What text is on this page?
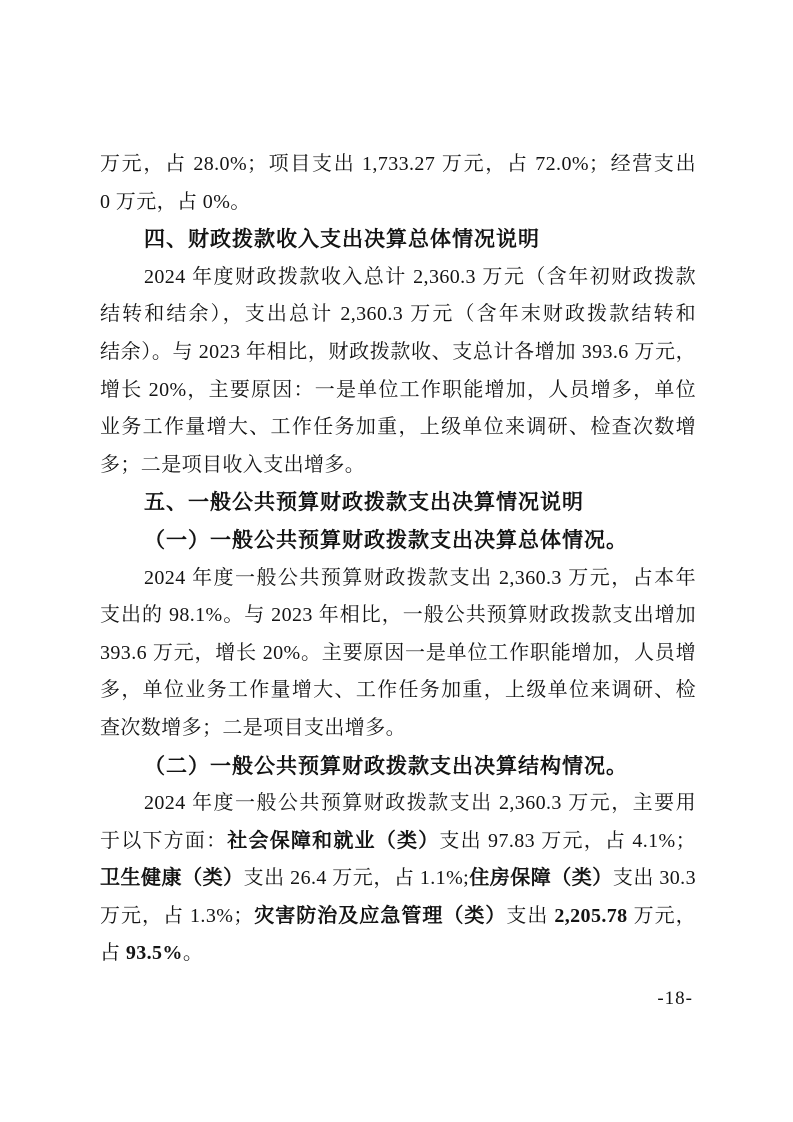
万元，占 28.0%；项目支出 1,733.27 万元，占 72.0%；经营支出
0 万元，占 0%。
四、财政拨款收入支出决算总体情况说明
2024 年度财政拨款收入总计 2,360.3 万元（含年初财政拨款
结转和结余），支出总计 2,360.3 万元（含年末财政拨款结转和
结余）。与 2023 年相比，财政拨款收、支总计各增加 393.6 万元，
增长 20%，主要原因：一是单位工作职能增加，人员增多，单位
业务工作量增大、工作任务加重，上级单位来调研、检查次数增
多；二是项目收入支出增多。
五、一般公共预算财政拨款支出决算情况说明
（一）一般公共预算财政拨款支出决算总体情况。
2024 年度一般公共预算财政拨款支出 2,360.3 万元，占本年
支出的 98.1%。与 2023 年相比，一般公共预算财政拨款支出增加
393.6 万元，增长 20%。主要原因一是单位工作职能增加，人员增
多，单位业务工作量增大、工作任务加重，上级单位来调研、检
查次数增多；二是项目支出增多。
（二）一般公共预算财政拨款支出决算结构情况。
2024 年度一般公共预算财政拨款支出 2,360.3 万元，主要用
于以下方面：社会保障和就业（类）支出 97.83 万元，占 4.1%；
卫生健康（类）支出 26.4 万元，占 1.1%;住房保障（类）支出 30.3
万元，占 1.3%；灾害防治及应急管理（类）支出 2,205.78 万元，
占 93.5%。
-18-
